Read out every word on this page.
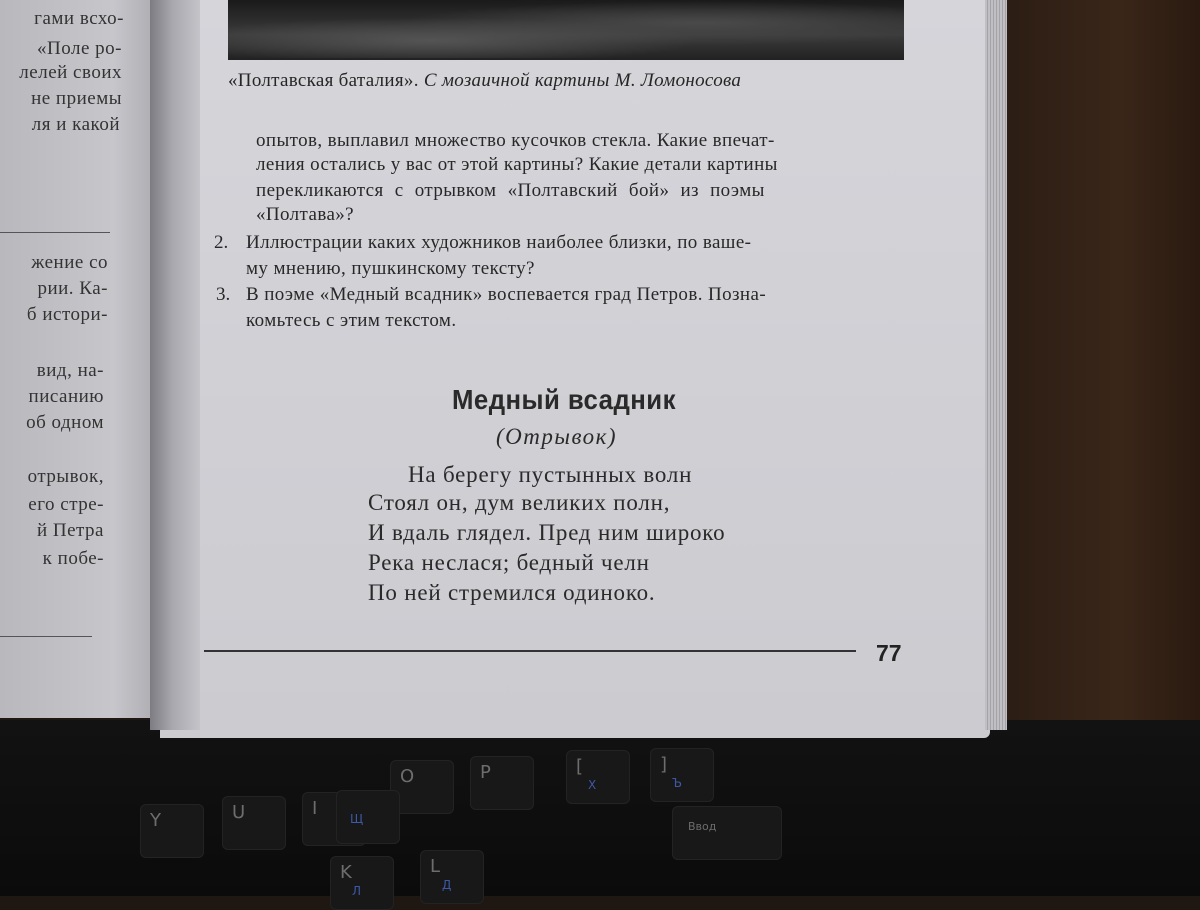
O	P	[
Х
]
Ъ
U	I
Y	Щ
Ввод
L
Д
K
Л
гами всхо-
«Поле ро-
лелей своих
не приемы
ля и какой
жение со
рии. Ка-
б истори-
вид, на-
писанию
об одном
отрывок,
его стре-
й Петра
к побе-
«Полтавская баталия». С мозаичной картины М. Ломоносова
опытов, выплавил множество кусочков стекла. Какие впечат-
ления остались у вас от этой картины? Какие детали картины
перекликаются с отрывком «Полтавский бой» из поэмы
«Полтава»?
2. Иллюстрации каких художников наиболее близки, по ваше-
му мнению, пушкинскому тексту?
3. В поэме «Медный всадник» воспевается град Петров. Позна-
комьтесь с этим текстом.
Медный всадник
(Отрывок)
На берегу пустынных волн
Стоял он, дум великих полн,
И вдаль глядел. Пред ним широко
Река неслася; бедный челн
По ней стремился одиноко.
77
